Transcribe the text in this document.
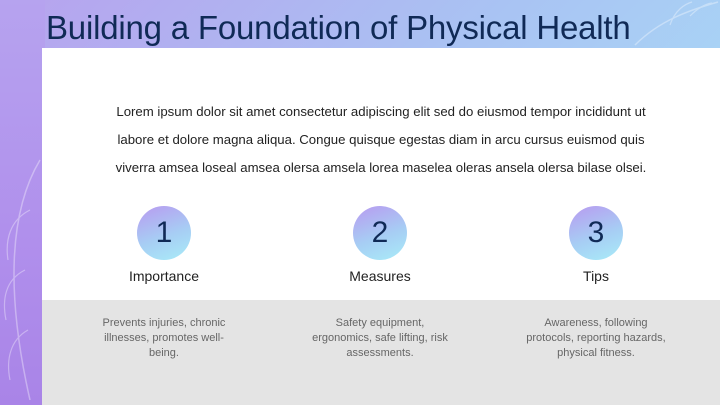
Building a Foundation of Physical Health

Lorem ipsum dolor sit amet consectetur adipiscing elit sed do eiusmod tempor incididunt ut

labore et dolore magna aliqua. Congue quisque egestas diam in arcu cursus euismod quis

viverra amsea loseal amsea olersa amsela lorea maselea oleras ansela olersa bilase olsei.

1
Importance
2
Measures
3
Tips
Prevents injuries, chronic illnesses, promotes well-being.
Safety equipment, ergonomics, safe lifting, risk assessments.
Awareness, following protocols, reporting hazards, physical fitness.
